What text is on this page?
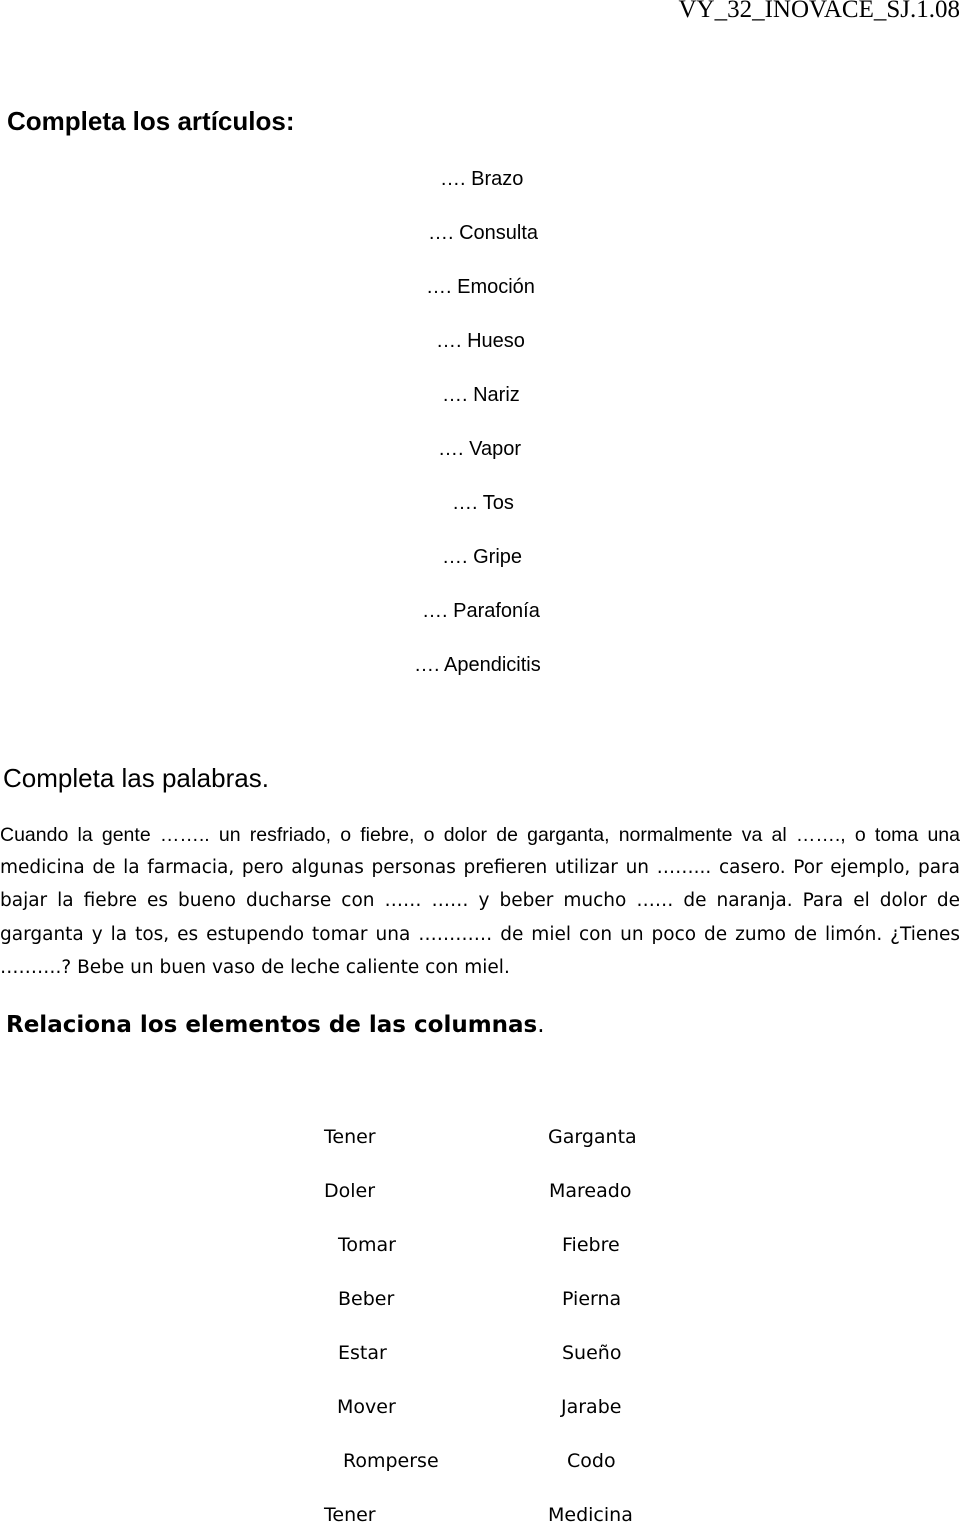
VY_32_INOVACE_SJ.1.08
Completa los artículos:
…. Brazo
…. Consulta
…. Emoción
…. Hueso
…. Nariz
…. Vapor
…. Tos
…. Gripe
…. Parafonía
…. Apendicitis
Completa las palabras.
Cuando la gente …….. un resfriado, o fiebre, o dolor de garganta, normalmente va al ……., o toma una
medicina de la farmacia, pero algunas personas prefieren utilizar un ……... casero. Por ejemplo, para
bajar la fiebre es bueno ducharse con …… …… y beber mucho …… de naranja. Para el dolor de
garganta y la tos, es estupendo tomar una ………… de miel con un poco de zumo de limón. ¿Tienes
……….? Bebe un buen vaso de leche caliente con miel.
Relaciona los elementos de las columnas.
Tener
Doler
Tomar
Beber
Estar
Mover
Romperse
Tener
Garganta
Mareado
Fiebre
Pierna
Sueño
Jarabe
Codo
Medicina
